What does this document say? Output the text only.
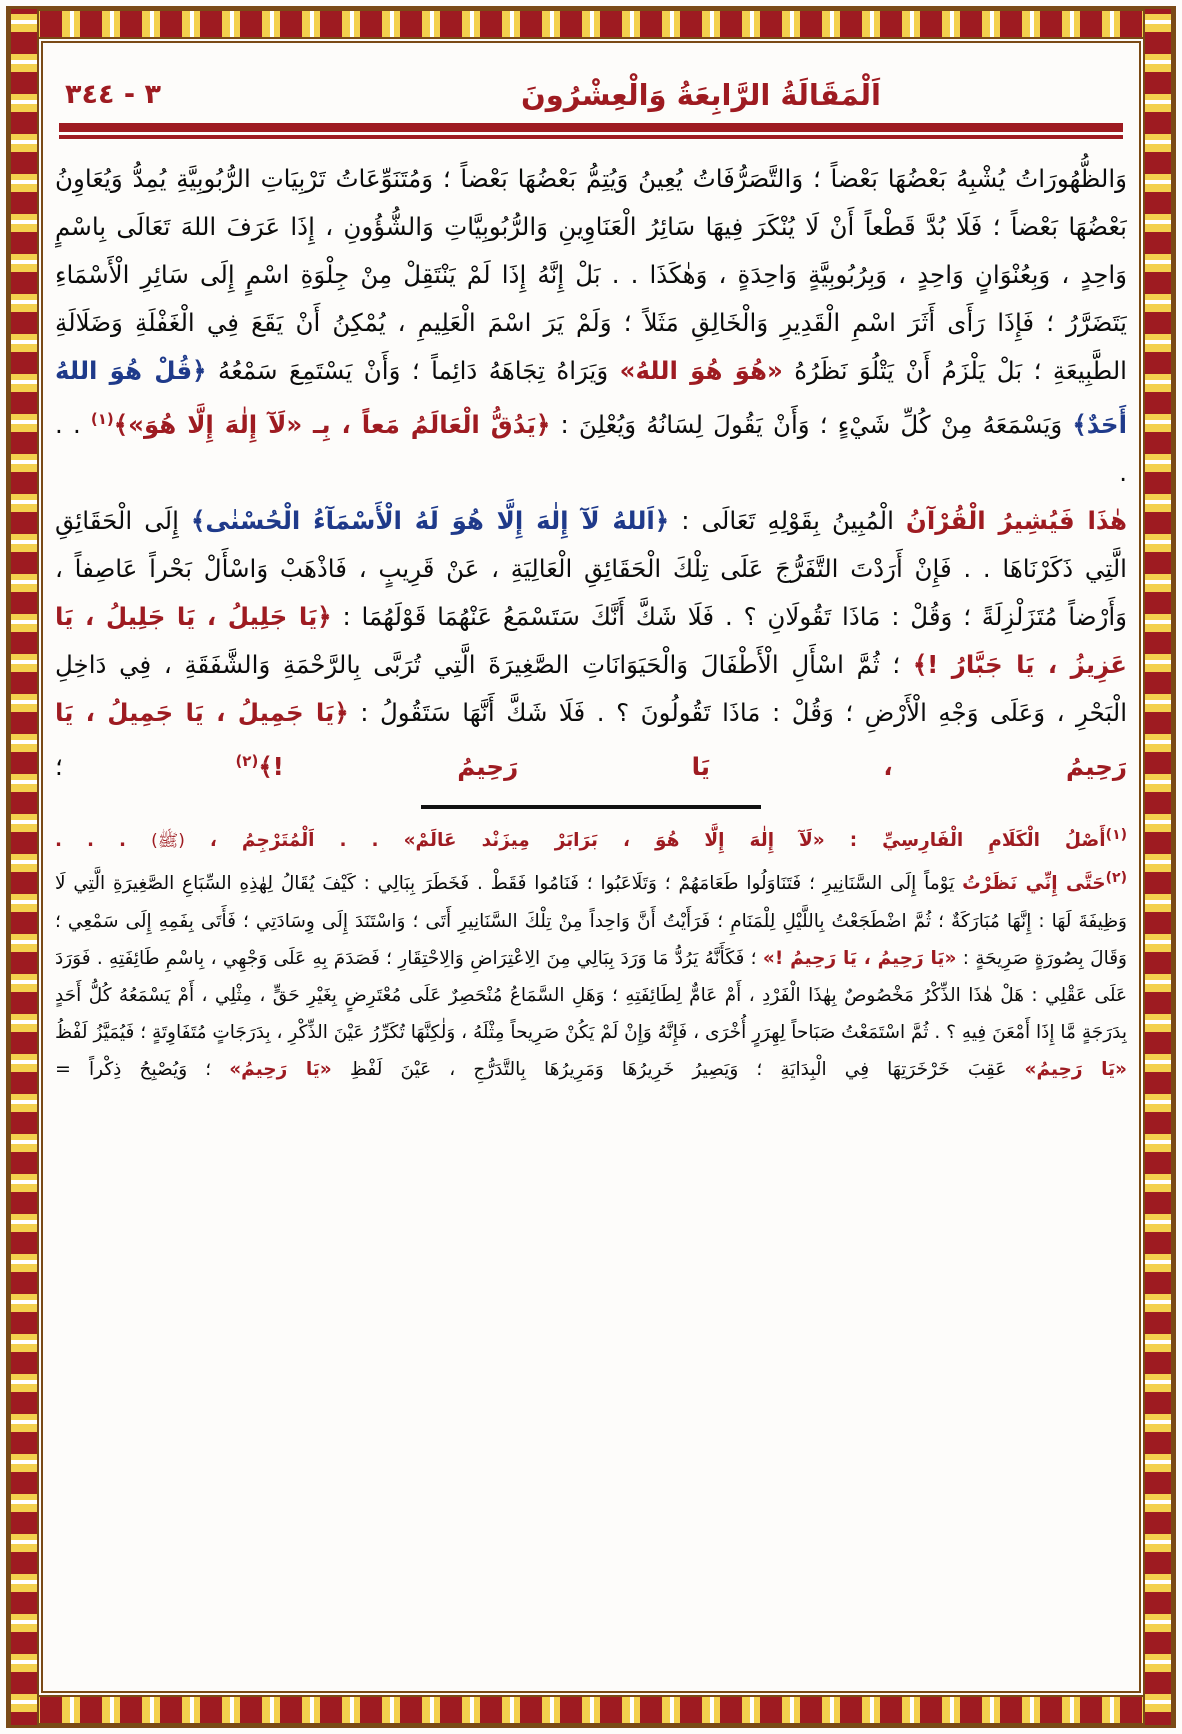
٣ - ٣٤٤	اَلْمَقَالَةُ الرَّابِعَةُ وَالْعِشْرُونَ

وَالظُّهُورَاتُ يُشْبِهُ بَعْضُهَا بَعْضاً ؛ وَالتَّصَرُّفَاتُ يُعِينُ وَيُتِمُّ بَعْضُهَا بَعْضاً ؛ وَمُتَنَوِّعَاتُ تَرْبِيَاتِ الرُّبُوبِيَّةِ يُمِدُّ وَيُعَاوِنُ بَعْضُهَا بَعْضاً ؛ فَلَا بُدَّ قَطْعاً أَنْ لَا يُنْكَرَ فِيهَا سَائِرُ الْعَنَاوِينِ وَالرُّبُوبِيَّاتِ وَالشُّؤُونِ ، إِذَا عَرَفَ اللهَ تَعَالَى بِاسْمٍ وَاحِدٍ ، وَبِعُنْوَانٍ وَاحِدٍ ، وَبِرُبُوبِيَّةٍ وَاحِدَةٍ ، وَهٰكَذَا . . بَلْ إِنَّهُ إِذَا لَمْ يَنْتَقِلْ مِنْ جِلْوَةِ اسْمٍ إِلَى سَائِرِ الْأَسْمَاءِ يَتَضَرَّرُ ؛ فَإِذَا رَأَى أَثَرَ اسْمِ الْقَدِيرِ وَالْخَالِقِ مَثَلاً ؛ وَلَمْ يَرَ اسْمَ الْعَلِيمِ ، يُمْكِنُ أَنْ يَقَعَ فِي الْغَفْلَةِ وَضَلَالَةِ الطَّبِيعَةِ ؛ بَلْ يَلْزَمُ أَنْ يَتْلُوَ نَظَرُهُ «هُوَ هُوَ اللهُ» وَيَرَاهُ تِجَاهَهُ دَائِماً ؛ وَأَنْ يَسْتَمِعَ سَمْعُهُ ﴿قُلْ هُوَ اللهُ أَحَدٌ﴾ وَيَسْمَعَهُ مِنْ كُلِّ شَيْءٍ ؛ وَأَنْ يَقُولَ لِسَانُهُ وَيُعْلِنَ : ﴿يَدُقُّ الْعَالَمُ مَعاً ، بِـ «لَآ إِلٰهَ إِلَّا هُوَ»﴾$^{(١)}$ . . .

هٰذَا فَيُشِيرُ الْقُرْآنُ الْمُبِينُ بِقَوْلِهِ تَعَالَى : ﴿اَللهُ لَآ إِلٰهَ إِلَّا هُوَ لَهُ الْأَسْمَآءُ الْحُسْنٰى﴾ إِلَى الْحَقَائِقِ الَّتِي ذَكَرْنَاهَا . . فَإِنْ أَرَدْتَ التَّفَرُّجَ عَلَى تِلْكَ الْحَقَائِقِ الْعَالِيَةِ ، عَنْ قَرِيبٍ ، فَاذْهَبْ وَاسْأَلْ بَحْراً عَاصِفاً ، وَأَرْضاً مُتَزَلْزِلَةً ؛ وَقُلْ : مَاذَا تَقُولَانِ ؟ . فَلَا شَكَّ أَنَّكَ سَتَسْمَعُ عَنْهُمَا قَوْلَهُمَا : ﴿يَا جَلِيلُ ، يَا جَلِيلُ ، يَا عَزِيزُ ، يَا جَبَّارُ !﴾ ؛ ثُمَّ اسْأَلِ الْأَطْفَالَ وَالْحَيَوَانَاتِ الصَّغِيرَةَ الَّتِي تُرَبَّى بِالرَّحْمَةِ وَالشَّفَقَةِ ، فِي دَاخِلِ الْبَحْرِ ، وَعَلَى وَجْهِ الْأَرْضِ ؛ وَقُلْ : مَاذَا تَقُولُونَ ؟ . فَلَا شَكَّ أَنَّهَا سَتَقُولُ : ﴿يَا جَمِيلُ ، يَا جَمِيلُ ، يَا رَحِيمُ ، يَا رَحِيمُ !﴾$^{(٢)}$ ؛

$^{(١)}$أَصْلُ الْكَلَامِ الْفَارِسِيِّ : «لَآ إِلٰهَ إِلَّا هُوَ ، بَرَابَرْ مِيزَنْد عَالَمْ» . . اَلْمُتَرْجِمُ ، (ﷺ) . . .

$^{(٢)}$حَتَّى إِنِّي نَظَرْتُ يَوْماً إِلَى السَّنَانِيرِ ؛ فَتَنَاوَلُوا طَعَامَهُمْ ؛ وَتَلَاعَبُوا ؛ فَنَامُوا فَقَطْ . فَخَطَرَ بِبَالِي : كَيْفَ يُقَالُ لِهٰذِهِ السِّبَاعِ الصَّغِيرَةِ الَّتِي لَا وَظِيفَةَ لَهَا : إِنَّهَا مُبَارَكَةٌ ؛ ثُمَّ اضْطَجَعْتُ بِاللَّيْلِ لِلْمَنَامِ ؛ فَرَأَيْتُ أَنَّ وَاحِداً مِنْ تِلْكَ السَّنَانِيرِ أَتَى ؛ وَاسْتَنَدَ إِلَى وِسَادَتِي ؛ فَأَتَى بِفَمِهِ إِلَى سَمْعِي ؛ وَقَالَ بِصُورَةٍ صَرِيحَةٍ : «يَا رَحِيمُ ، يَا رَحِيمُ !» ؛ فَكَأَنَّهُ يَرُدُّ مَا وَرَدَ بِبَالِي مِنَ الِاعْتِرَاضِ وَالِاحْتِقَارِ ؛ فَصَدَمَ بِهِ عَلَى وَجْهِي ، بِاسْمِ طَائِفَتِهِ . فَوَرَدَ عَلَى عَقْلِي : هَلْ هٰذَا الذِّكْرُ مَخْصُوصٌ بِهٰذَا الْفَرْدِ ، أَمْ عَامٌّ لِطَائِفَتِهِ ؛ وَهَلِ السَّمَاعُ مُنْحَصِرٌ عَلَى مُعْتَرِضٍ بِغَيْرِ حَقٍّ ، مِثْلِي ، أَمْ يَسْمَعُهُ كُلُّ أَحَدٍ بِدَرَجَةٍ مَّا إِذَا أَمْعَنَ فِيهِ ؟ . ثُمَّ اسْتَمَعْتُ صَبَاحاً لِهِرَرٍ أُخْرَى ، فَإِنَّهُ وَإِنْ لَمْ يَكُنْ صَرِيحاً مِثْلَهُ ، وَلٰكِنَّهَا تُكَرِّرُ عَيْنَ الذِّكْرِ ، بِدَرَجَاتٍ مُتَفَاوِتَةٍ ؛ فَيُمَيَّزُ لَفْظُ «يَا رَحِيمُ» عَقِبَ خَرْخَرَتِهَا فِي الْبِدَايَةِ ؛ وَيَصِيرُ خَرِيرُهَا وَمَرِيرُهَا بِالتَّدَرُّجِ ، عَيْنَ لَفْظِ «يَا رَحِيمُ» ؛ وَيُصْبِحُ ذِكْراً =
